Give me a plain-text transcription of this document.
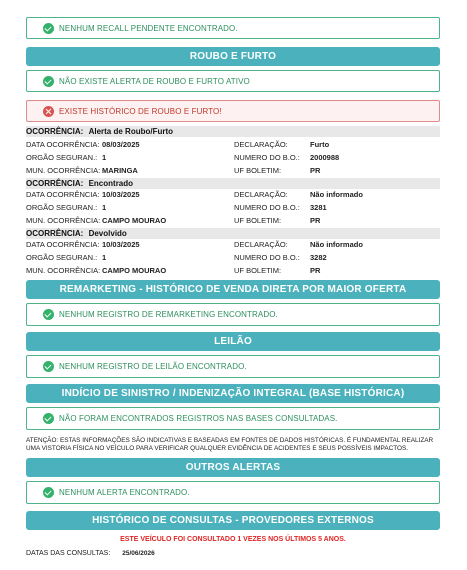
NENHUM RECALL PENDENTE ENCONTRADO.
ROUBO E FURTO
NÃO EXISTE ALERTA DE ROUBO E FURTO ATIVO
EXISTE HISTÓRICO DE ROUBO E FURTO!
OCORRÊNCIA: Alerta de Roubo/Furto
DATA OCORRÊNCIA: 08/03/2025	DECLARAÇÃO:	Furto
ORGÃO SEGURAN.: 1	NUMERO DO B.O.: 2000988
MUN. OCORRÊNCIA: MARINGA	UF BOLETIM:	PR
OCORRÊNCIA: Encontrado
DATA OCORRÊNCIA: 10/03/2025	DECLARAÇÃO:	Não informado
ORGÃO SEGURAN.: 1	NUMERO DO B.O.: 3281
MUN. OCORRÊNCIA: CAMPO MOURAO	UF BOLETIM:	PR
OCORRÊNCIA: Devolvido
DATA OCORRÊNCIA: 10/03/2025	DECLARAÇÃO:	Não informado
ORGÃO SEGURAN.: 1	NUMERO DO B.O.: 3282
MUN. OCORRÊNCIA: CAMPO MOURAO	UF BOLETIM:	PR
REMARKETING - HISTÓRICO DE VENDA DIRETA POR MAIOR OFERTA
NENHUM REGISTRO DE REMARKETING ENCONTRADO.
LEILÃO
NENHUM REGISTRO DE LEILÃO ENCONTRADO.
INDÍCIO DE SINISTRO / INDENIZAÇÃO INTEGRAL (BASE HISTÓRICA)
NÃO FORAM ENCONTRADOS REGISTROS NAS BASES CONSULTADAS.
ATENÇÃO: ESTAS INFORMAÇÕES SÃO INDICATIVAS E BASEADAS EM FONTES DE DADOS HISTÓRICAS. É FUNDAMENTAL REALIZAR UMA VISTORIA FÍSICA NO VEÍCULO PARA VERIFICAR QUALQUER EVIDÊNCIA DE ACIDENTES E SEUS POSSÍVEIS IMPACTOS.
OUTROS ALERTAS
NENHUM ALERTA ENCONTRADO.
HISTÓRICO DE CONSULTAS - PROVEDORES EXTERNOS
ESTE VEÍCULO FOI CONSULTADO 1 VEZES NOS ÚLTIMOS 5 ANOS.
DATAS DAS CONSULTAS: 25/06/2026
